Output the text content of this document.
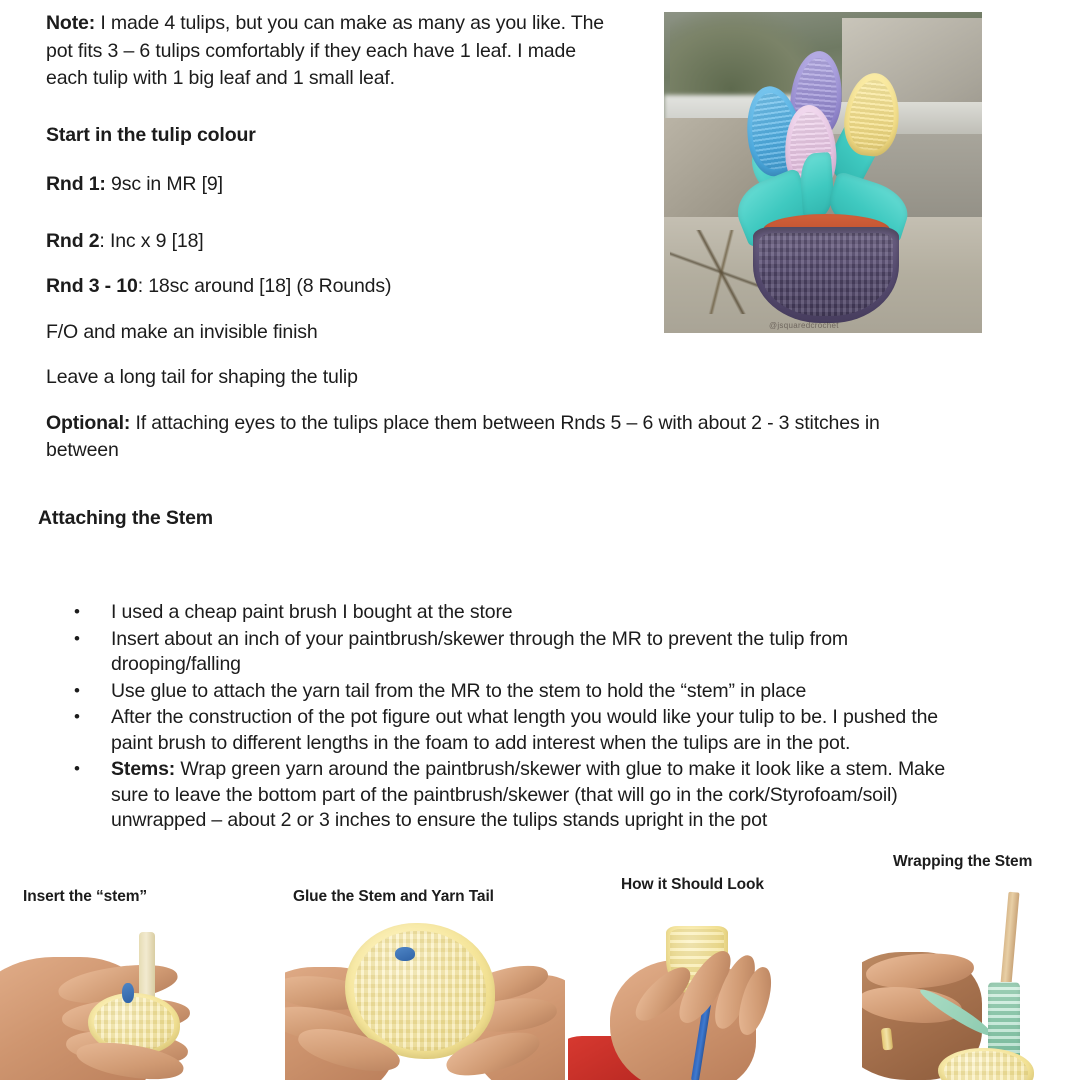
Note: I made 4 tulips, but you can make as many as you like. The pot fits 3 – 6 tulips comfortably if they each have 1 leaf. I made each tulip with 1 big leaf and 1 small leaf.

Start in the tulip colour

Rnd 1: 9sc in MR [9]

Rnd 2: Inc x 9 [18]

Rnd 3 - 10: 18sc around [18] (8 Rounds)

F/O and make an invisible finish

Leave a long tail for shaping the tulip

Optional: If attaching eyes to the tulips place them between Rnds 5 – 6 with about 2 - 3 stitches in between

Attaching the Stem

• I used a cheap paint brush I bought at the store
• Insert about an inch of your paintbrush/skewer through the MR to prevent the tulip from drooping/falling
• Use glue to attach the yarn tail from the MR to the stem to hold the “stem” in place
• After the construction of the pot figure out what length you would like your tulip to be. I pushed the paint brush to different lengths in the foam to add interest when the tulips are in the pot.
• Stems: Wrap green yarn around the paintbrush/skewer with glue to make it look like a stem. Make sure to leave the bottom part of the paintbrush/skewer (that will go in the cork/Styrofoam/soil) unwrapped – about 2 or 3 inches to ensure the tulips stands upright in the pot
@jsquaredcrochet
Insert the “stem”	Glue the Stem and Yarn Tail
How it Should Look
Wrapping the Stem
